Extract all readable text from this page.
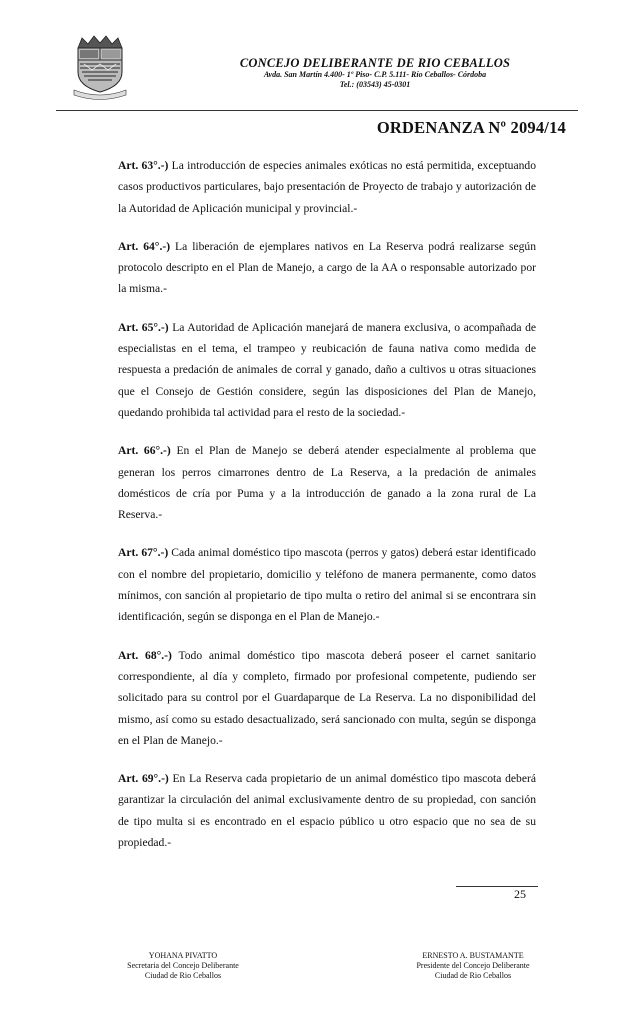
CONCEJO DELIBERANTE DE RIO CEBALLOS
Avda. San Martín 4.400- 1º Piso- C.P. 5.111- Río Ceballos- Córdoba
Tel.: (03543) 45-0301
ORDENANZA Nº 2094/14

Art. 63°.-) La introducción de especies animales exóticas no está permitida, exceptuando casos productivos particulares, bajo presentación de Proyecto de trabajo y autorización de la Autoridad de Aplicación municipal y provincial.-

Art. 64°.-) La liberación de ejemplares nativos en La Reserva podrá realizarse según protocolo descripto en el Plan de Manejo, a cargo de la AA o responsable autorizado por la misma.-

Art. 65°.-) La Autoridad de Aplicación manejará de manera exclusiva, o acompañada de especialistas en el tema, el trampeo y reubicación de fauna nativa como medida de respuesta a predación de animales de corral y ganado, daño a cultivos u otras situaciones que el Consejo de Gestión considere, según las disposiciones del Plan de Manejo, quedando prohibida tal actividad para el resto de la sociedad.-

Art. 66°.-) En el Plan de Manejo se deberá atender especialmente al problema que generan los perros cimarrones dentro de La Reserva, a la predación de animales domésticos de cría por Puma y a la introducción de ganado a la zona rural de La Reserva.-

Art. 67°.-) Cada animal doméstico tipo mascota (perros y gatos) deberá estar identificado con el nombre del propietario, domicilio y teléfono de manera permanente, como datos mínimos, con sanción al propietario de tipo multa o retiro del animal si se encontrara sin identificación, según se disponga en el Plan de Manejo.-

Art. 68°.-) Todo animal doméstico tipo mascota deberá poseer el carnet sanitario correspondiente, al día y completo, firmado por profesional competente, pudiendo ser solicitado para su control por el Guardaparque de La Reserva. La no disponibilidad del mismo, así como su estado desactualizado, será sancionado con multa, según se disponga en el Plan de Manejo.-

Art. 69°.-) En La Reserva cada propietario de un animal doméstico tipo mascota deberá garantizar la circulación del animal exclusivamente dentro de su propiedad, con sanción de tipo multa si es encontrado en el espacio público u otro espacio que no sea de su propiedad.-

25
YOHANA PIVATTO
Secretaria del Concejo Deliberante
Ciudad de Rio Ceballos
ERNESTO A. BUSTAMANTE
Presidente del Concejo Deliberante
Ciudad de Rio Ceballos
